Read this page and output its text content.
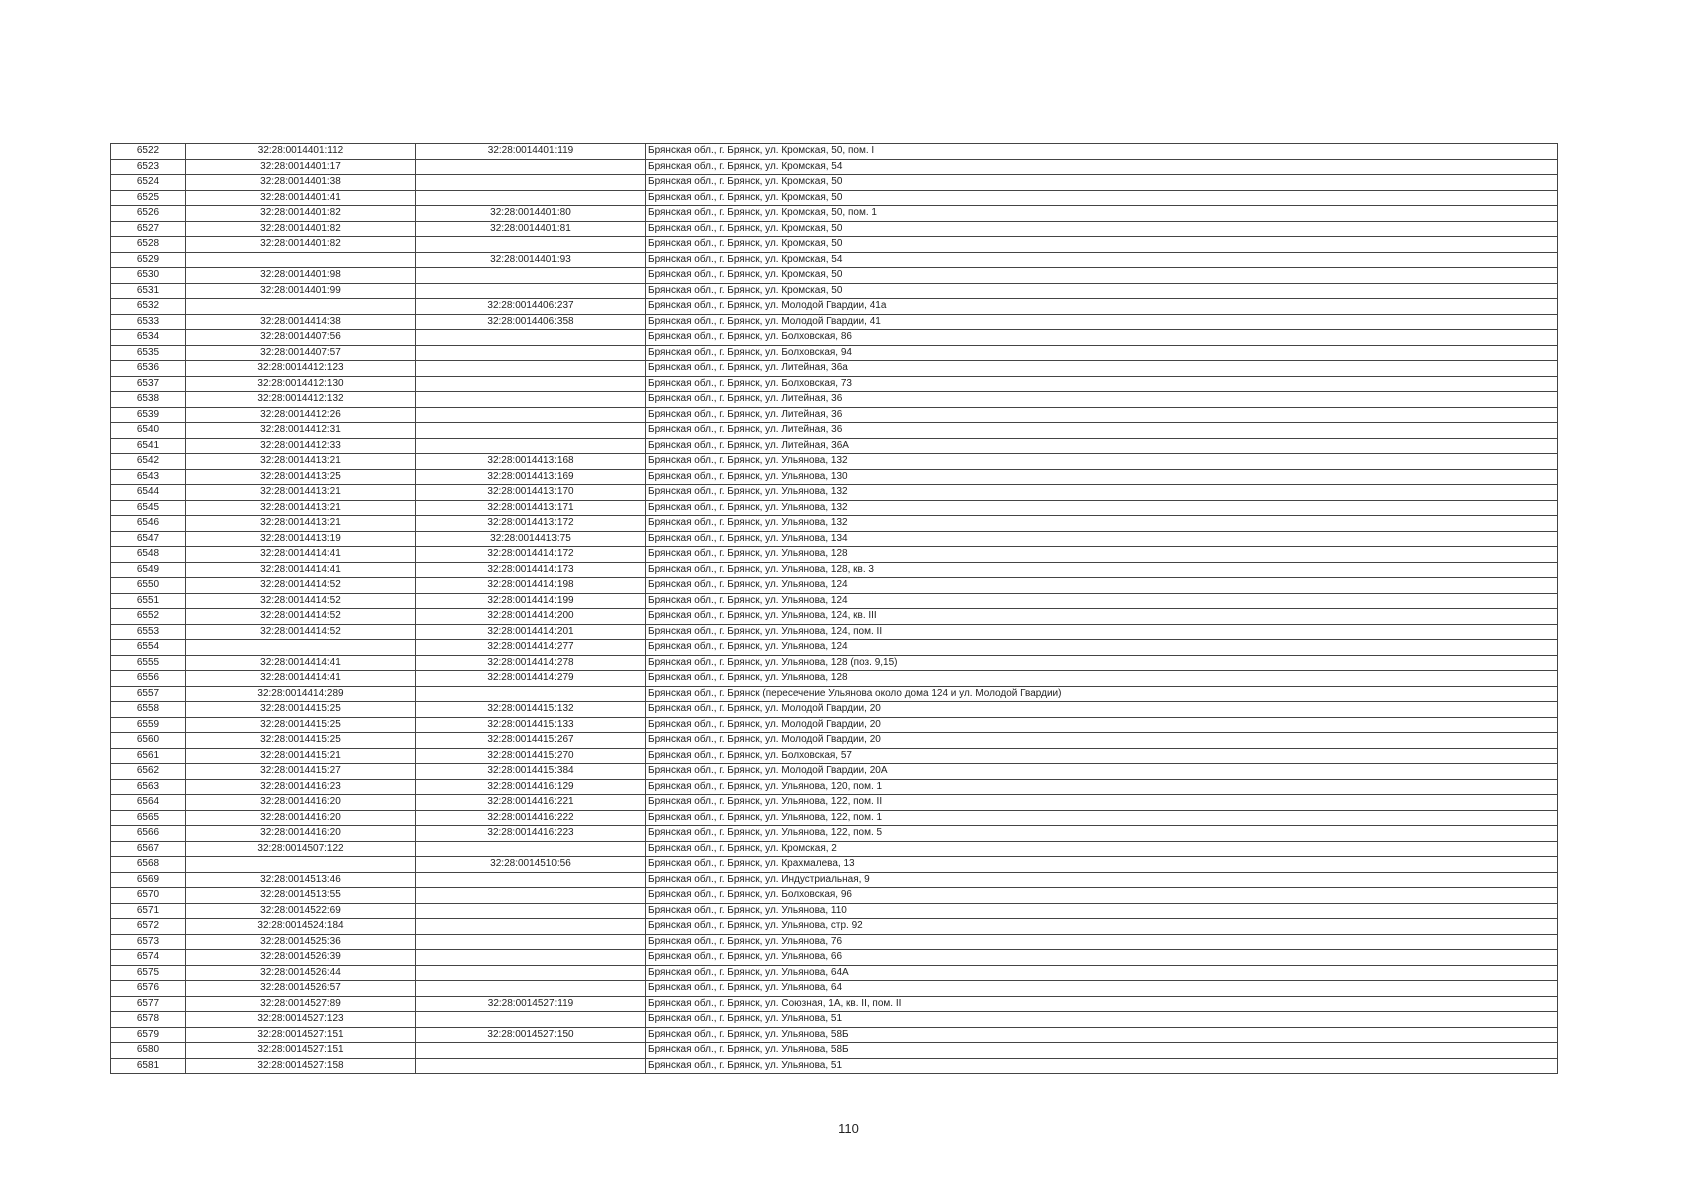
6522	32:28:0014401:112	32:28:0014401:119	Брянская обл., г. Брянск, ул. Кромская, 50, пом. I
6523	32:28:0014401:17		Брянская обл., г. Брянск, ул. Кромская, 54
6524	32:28:0014401:38		Брянская обл., г. Брянск, ул. Кромская, 50
6525	32:28:0014401:41		Брянская обл., г. Брянск, ул. Кромская, 50
6526	32:28:0014401:82	32:28:0014401:80	Брянская обл., г. Брянск, ул. Кромская, 50, пом. 1
6527	32:28:0014401:82	32:28:0014401:81	Брянская обл., г. Брянск, ул. Кромская, 50
6528	32:28:0014401:82		Брянская обл., г. Брянск, ул. Кромская, 50
6529		32:28:0014401:93	Брянская обл., г. Брянск, ул. Кромская, 54
6530	32:28:0014401:98		Брянская обл., г. Брянск, ул. Кромская, 50
6531	32:28:0014401:99		Брянская обл., г. Брянск, ул. Кромская, 50
6532		32:28:0014406:237	Брянская обл., г. Брянск, ул. Молодой Гвардии, 41а
6533	32:28:0014414:38	32:28:0014406:358	Брянская обл., г. Брянск, ул. Молодой Гвардии, 41
6534	32:28:0014407:56		Брянская обл., г. Брянск, ул. Болховская, 86
6535	32:28:0014407:57		Брянская обл., г. Брянск, ул. Болховская, 94
6536	32:28:0014412:123		Брянская обл., г. Брянск, ул. Литейная, 36а
6537	32:28:0014412:130		Брянская обл., г. Брянск, ул. Болховская, 73
6538	32:28:0014412:132		Брянская обл., г. Брянск, ул. Литейная, 36
6539	32:28:0014412:26		Брянская обл., г. Брянск, ул. Литейная, 36
6540	32:28:0014412:31		Брянская обл., г. Брянск, ул. Литейная, 36
6541	32:28:0014412:33		Брянская обл., г. Брянск, ул. Литейная, 36А
6542	32:28:0014413:21	32:28:0014413:168	Брянская обл., г. Брянск, ул. Ульянова, 132
6543	32:28:0014413:25	32:28:0014413:169	Брянская обл., г. Брянск, ул. Ульянова, 130
6544	32:28:0014413:21	32:28:0014413:170	Брянская обл., г. Брянск, ул. Ульянова, 132
6545	32:28:0014413:21	32:28:0014413:171	Брянская обл., г. Брянск, ул. Ульянова, 132
6546	32:28:0014413:21	32:28:0014413:172	Брянская обл., г. Брянск, ул. Ульянова, 132
6547	32:28:0014413:19	32:28:0014413:75	Брянская обл., г. Брянск, ул. Ульянова, 134
6548	32:28:0014414:41	32:28:0014414:172	Брянская обл., г. Брянск, ул. Ульянова, 128
6549	32:28:0014414:41	32:28:0014414:173	Брянская обл., г. Брянск, ул. Ульянова, 128, кв. 3
6550	32:28:0014414:52	32:28:0014414:198	Брянская обл., г. Брянск, ул. Ульянова, 124
6551	32:28:0014414:52	32:28:0014414:199	Брянская обл., г. Брянск, ул. Ульянова, 124
6552	32:28:0014414:52	32:28:0014414:200	Брянская обл., г. Брянск, ул. Ульянова, 124, кв. III
6553	32:28:0014414:52	32:28:0014414:201	Брянская обл., г. Брянск, ул. Ульянова, 124, пом. II
6554		32:28:0014414:277	Брянская обл., г. Брянск, ул. Ульянова, 124
6555	32:28:0014414:41	32:28:0014414:278	Брянская обл., г. Брянск, ул. Ульянова, 128 (поз. 9,15)
6556	32:28:0014414:41	32:28:0014414:279	Брянская обл., г. Брянск, ул. Ульянова, 128
6557	32:28:0014414:289		Брянская обл., г. Брянск (пересечение Ульянова около дома 124 и ул. Молодой Гвардии)
6558	32:28:0014415:25	32:28:0014415:132	Брянская обл., г. Брянск, ул. Молодой Гвардии, 20
6559	32:28:0014415:25	32:28:0014415:133	Брянская обл., г. Брянск, ул. Молодой Гвардии, 20
6560	32:28:0014415:25	32:28:0014415:267	Брянская обл., г. Брянск, ул. Молодой Гвардии, 20
6561	32:28:0014415:21	32:28:0014415:270	Брянская обл., г. Брянск, ул. Болховская, 57
6562	32:28:0014415:27	32:28:0014415:384	Брянская обл., г. Брянск, ул. Молодой Гвардии, 20А
6563	32:28:0014416:23	32:28:0014416:129	Брянская обл., г. Брянск, ул. Ульянова, 120, пом. 1
6564	32:28:0014416:20	32:28:0014416:221	Брянская обл., г. Брянск, ул. Ульянова, 122, пом. II
6565	32:28:0014416:20	32:28:0014416:222	Брянская обл., г. Брянск, ул. Ульянова, 122, пом. 1
6566	32:28:0014416:20	32:28:0014416:223	Брянская обл., г. Брянск, ул. Ульянова, 122, пом. 5
6567	32:28:0014507:122		Брянская обл., г. Брянск, ул. Кромская, 2
6568		32:28:0014510:56	Брянская обл., г. Брянск, ул. Крахмалева, 13
6569	32:28:0014513:46		Брянская обл., г. Брянск, ул. Индустриальная, 9
6570	32:28:0014513:55		Брянская обл., г. Брянск, ул. Болховская, 96
6571	32:28:0014522:69		Брянская обл., г. Брянск, ул. Ульянова, 110
6572	32:28:0014524:184		Брянская обл., г. Брянск, ул. Ульянова, стр. 92
6573	32:28:0014525:36		Брянская обл., г. Брянск, ул. Ульянова, 76
6574	32:28:0014526:39		Брянская обл., г. Брянск, ул. Ульянова, 66
6575	32:28:0014526:44		Брянская обл., г. Брянск, ул. Ульянова, 64А
6576	32:28:0014526:57		Брянская обл., г. Брянск, ул. Ульянова, 64
6577	32:28:0014527:89	32:28:0014527:119	Брянская обл., г. Брянск, ул. Союзная, 1А, кв. II, пом. II
6578	32:28:0014527:123		Брянская обл., г. Брянск, ул. Ульянова, 51
6579	32:28:0014527:151	32:28:0014527:150	Брянская обл., г. Брянск, ул. Ульянова, 58Б
6580	32:28:0014527:151		Брянская обл., г. Брянск, ул. Ульянова, 58Б
6581	32:28:0014527:158		Брянская обл., г. Брянск, ул. Ульянова, 51
110
